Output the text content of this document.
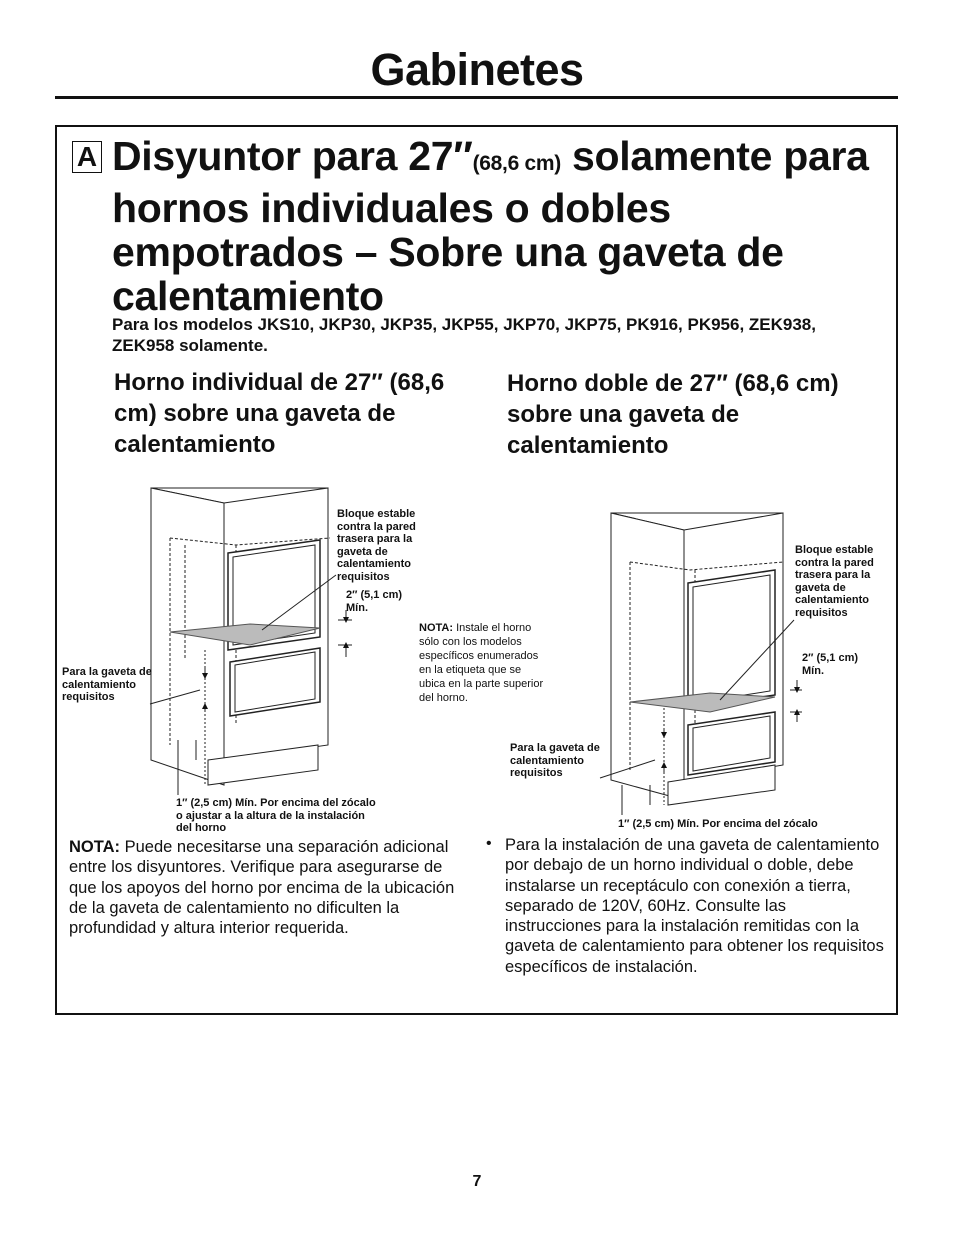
Gabinetes
A Disyuntor para 27″(68,6 cm) solamente para hornos individuales o dobles empotrados – Sobre una gaveta de calentamiento
Para los modelos JKS10, JKP30, JKP35, JKP55, JKP70, JKP75, PK916, PK956, ZEK938, ZEK958 solamente.
Horno individual de 27″ (68,6 cm) sobre una gaveta de calentamiento
Horno doble de 27″ (68,6 cm) sobre una gaveta de calentamiento
Bloque estable contra la pared trasera para la gaveta de calentamiento requisitos
2″ (5,1 cm) Mín.
Para la gaveta de calentamiento requisitos
1″ (2,5 cm) Mín. Por encima del zócalo o ajustar a la altura de la instalación del horno
NOTA: Instale el horno sólo con los modelos específicos enumerados en la etiqueta que se ubica en la parte superior del horno.
Bloque estable contra la pared trasera para la gaveta de calentamiento requisitos
2″ (5,1 cm) Mín.
Para la gaveta de calentamiento requisitos
1″ (2,5 cm) Mín. Por encima del zócalo
NOTA: Puede necesitarse una separación adicional entre los disyuntores. Verifique para asegurarse de que los apoyos del horno por encima de la ubicación de la gaveta de calentamiento no dificulten la profundidad y altura interior requerida.
• Para la instalación de una gaveta de calentamiento por debajo de un horno individual o doble, debe instalarse un receptáculo con conexión a tierra, separado de 120V, 60Hz. Consulte las instrucciones para la instalación remitidas con la gaveta de calentamiento para obtener los requisitos específicos de instalación.
7
